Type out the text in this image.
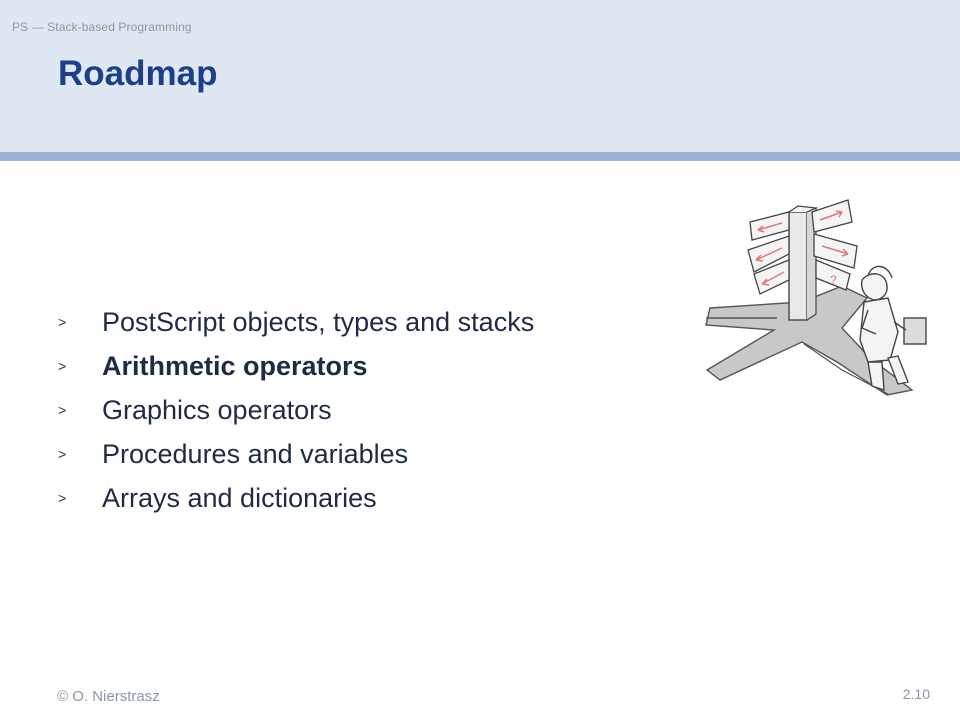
PS — Stack-based Programming
Roadmap
>	PostScript objects, types and stacks
>	Arithmetic operators
>	Graphics operators
>	Procedures and variables
>	Arrays and dictionaries
?
© O. Nierstrasz	2.10
